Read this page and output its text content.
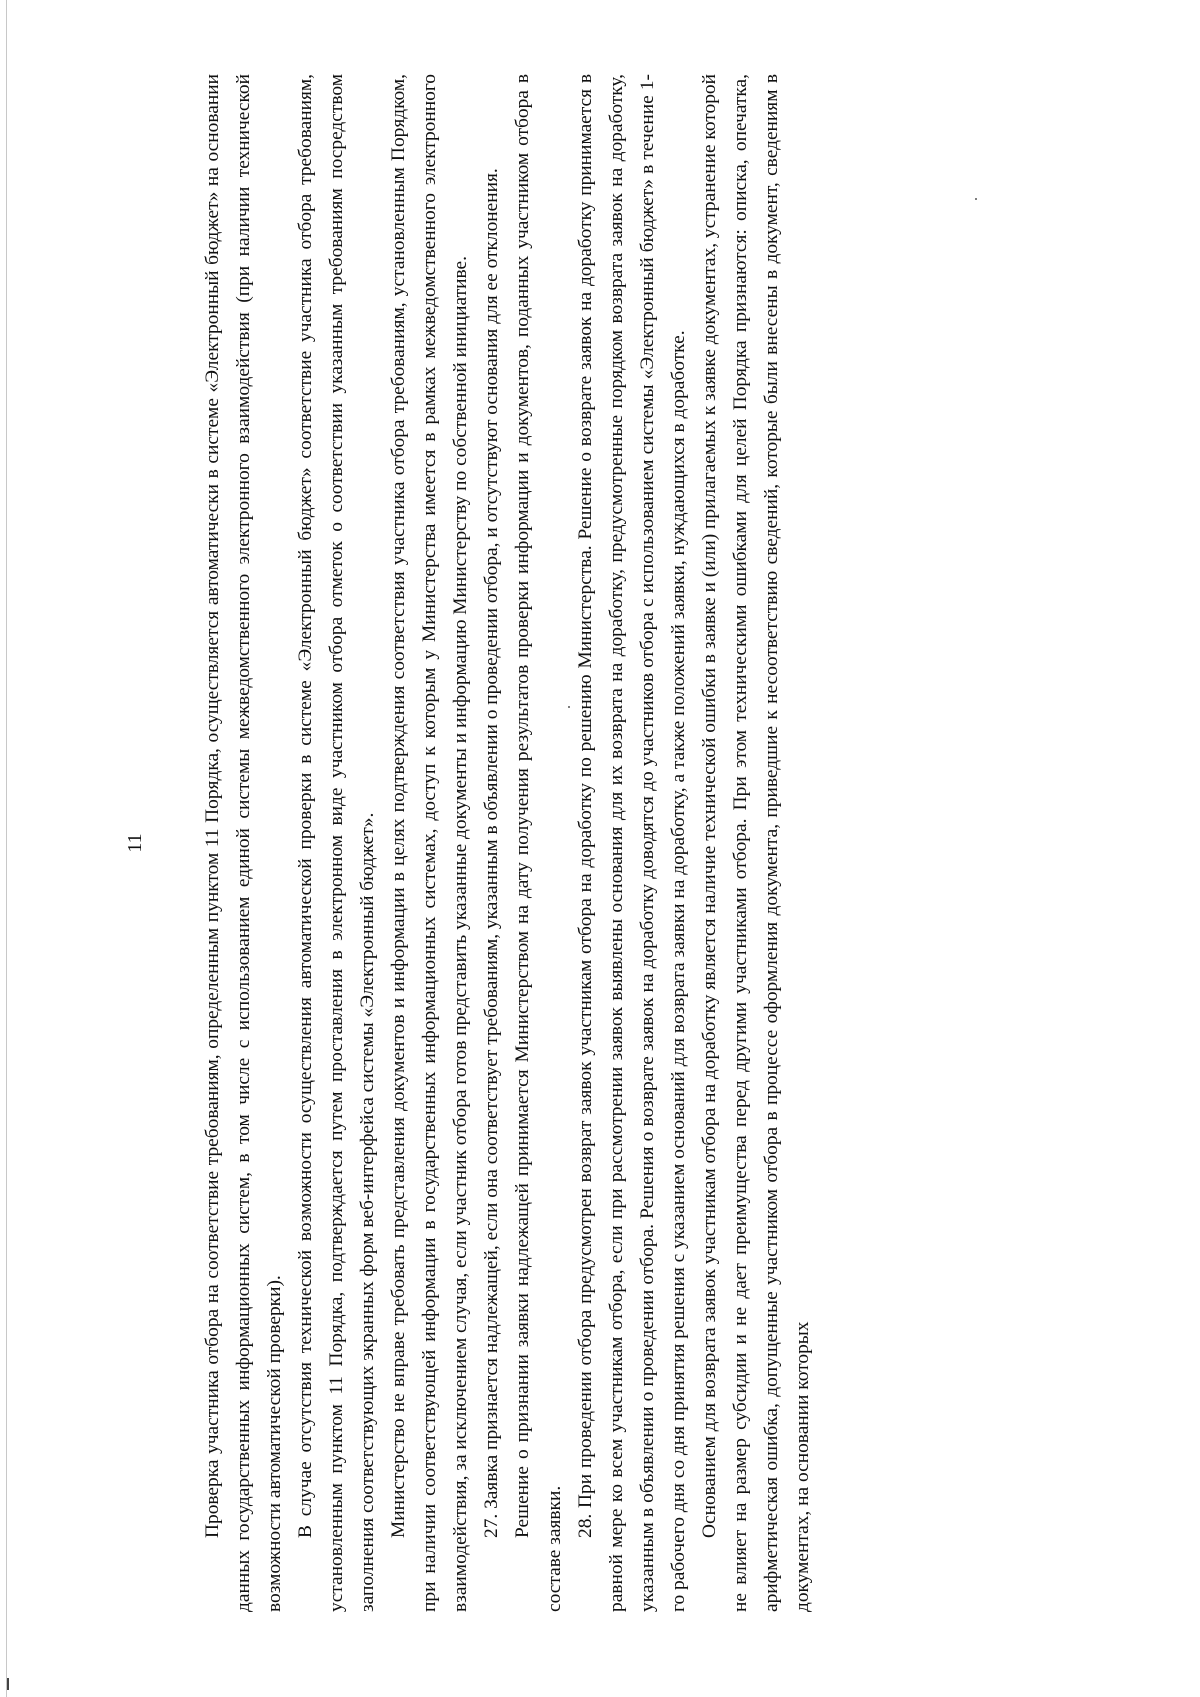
11	Проверка участника отбора на соответствие требованиям, определенным пунктом 11 Порядка, осуществляется автоматически в системе «Электронный бюджет» на основании данных государственных информационных систем, в том числе с использованием единой системы межведомственного электронного взаимодействия (при наличии технической возможности автоматической проверки). В случае отсутствия технической возможности осуществления автоматической проверки в системе «Электронный бюджет» соответствие участника отбора требованиям, установленным пунктом 11 Порядка, подтверждается путем проставления в электронном виде участником отбора отметок о соответствии указанным требованиям посредством заполнения соответствующих экранных форм веб-интерфейса системы «Электронный бюджет». Министерство не вправе требовать представления документов и информации в целях подтверждения соответствия участника отбора требованиям, установленным Порядком, при наличии соответствующей информации в государственных информационных системах, доступ к которым у Министерства имеется в рамках межведомственного электронного взаимодействия, за исключением случая, если участник отбора готов представить указанные документы и информацию Министерству по собственной инициативе. 27. Заявка признается надлежащей, если она соответствует требованиям, указанным в объявлении о проведении отбора, и отсутствуют основания для ее отклонения. Решение о признании заявки надлежащей принимается Министерством на дату получения результатов проверки информации и документов, поданных участником отбора в составе заявки.

28. При проведении отбора предусмотрен возврат заявок участникам отбора на доработку по решению Министерства. Решение о возврате заявок на доработку принимается в равной мере ко всем участникам отбора, если при рассмотрении заявок выявлены основания для их возврата на доработку, предусмотренные порядком возврата заявок на доработку, указанным в объявлении о проведении отбора. Решения о возврате заявок на доработку доводятся до участников отбора с использованием системы «Электронный бюджет» в течение 1-го рабочего дня со дня принятия решения с указанием оснований для возврата заявки на доработку, а также положений заявки, нуждающихся в доработке. Основанием для возврата заявок участникам отбора на доработку является наличие технической ошибки в заявке и (или) прилагаемых к заявке документах, устранение которой не влияет на размер субсидии и не дает преимущества перед другими участниками отбора. При этом техническими ошибками для целей Порядка признаются: описка, опечатка, арифметическая ошибка, допущенные участником отбора в процессе оформления документа, приведшие к несоответствию сведений, которые были внесены в документ, сведениям в документах, на основании которых
